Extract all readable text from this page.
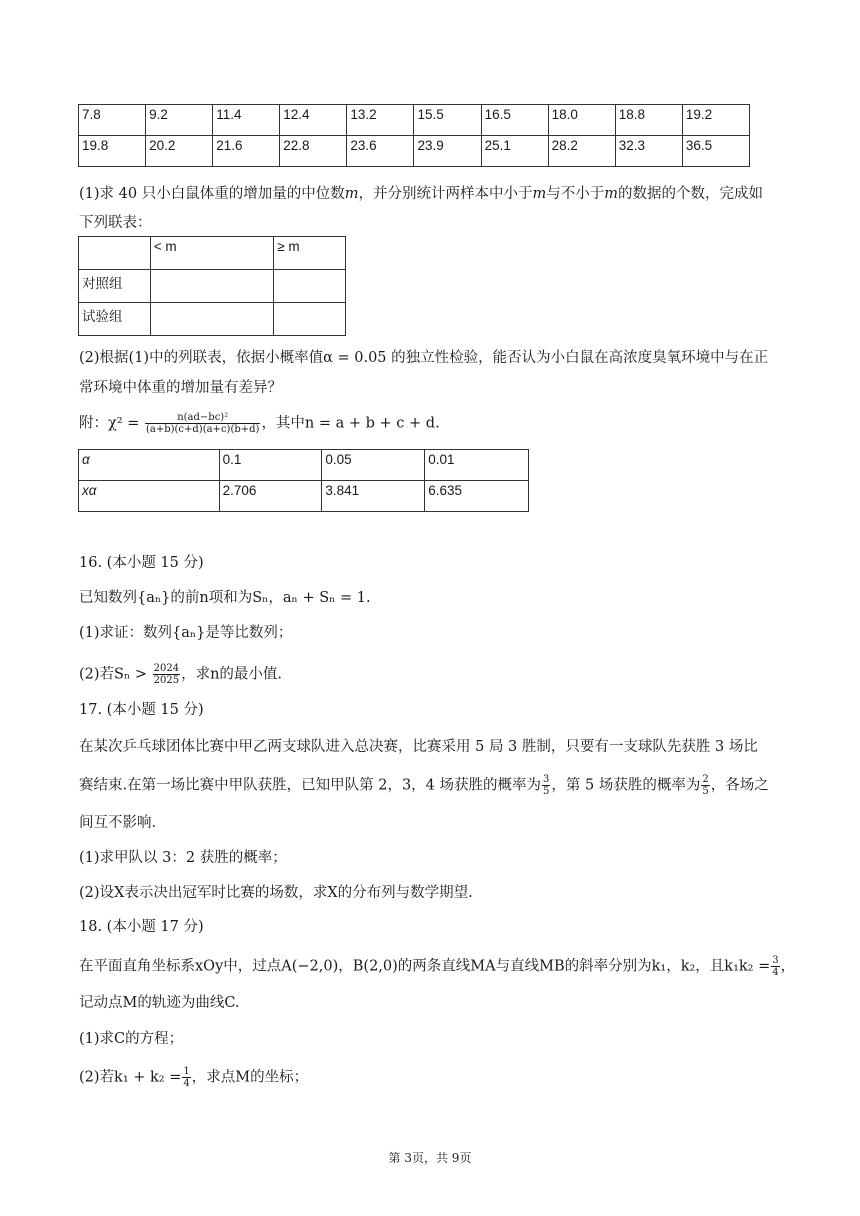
7.8	9.2	11.4	12.4	13.2	15.5	16.5	18.0	18.8	19.2
19.8	20.2	21.6	22.8	23.6	23.9	25.1	28.2	32.3	36.5
(1)求 40 只小白鼠体重的增加量的中位数m，并分别统计两样本中小于m与不小于m的数据的个数，完成如
下列联表：
	< m	≥ m
对照组		
试验组		
(2)根据(1)中的列联表，依据小概率值α = 0.05 的独立性检验，能否认为小白鼠在高浓度臭氧环境中与在正
常环境中体重的增加量有差异？
附：$\chi^2 = \frac{\text{n(ad−bc)²}}{(a+b)(c+d)(a+c)(b+d)}$ ，其中n = a + b + c + d.
α	0.1	0.05	0.01
xα	2.706	3.841	6.635
16. (本小题 15 分)
已知数列{aₙ}的前n项和为Sₙ，aₙ + Sₙ = 1.
(1)求证：数列{aₙ}是等比数列；
(2)若$S_n > \frac{2024}{2025}$ ，求n的最小值.
17. (本小题 15 分)
在某次乒乓球团体比赛中甲乙两支球队进入总决赛，比赛采用 5 局 3 胜制，只要有一支球队先获胜 3 场比
赛结束.在第一场比赛中甲队获胜，已知甲队第 2，3，4 场获胜的概率为 $\frac{3}{5}$ ，第 5 场获胜的概率为 $\frac{2}{5}$ ，各场之
间互不影响.
(1)求甲队以 3：2 获胜的概率；
(2)设X表示决出冠军时比赛的场数，求X的分布列与数学期望.
18. (本小题 17 分)
在平面直角坐标系xOy中，过点A(−2,0)，B(2,0)的两条直线MA与直线MB的斜率分别为k₁，k₂，且$k_1k_2 = \frac{3}{4}$ ，
记动点M的轨迹为曲线C.
(1)求C的方程；
(2)若$k_1 + k_2 = \frac{1}{4}$ ，求点M的坐标；
第 3页，共 9页
